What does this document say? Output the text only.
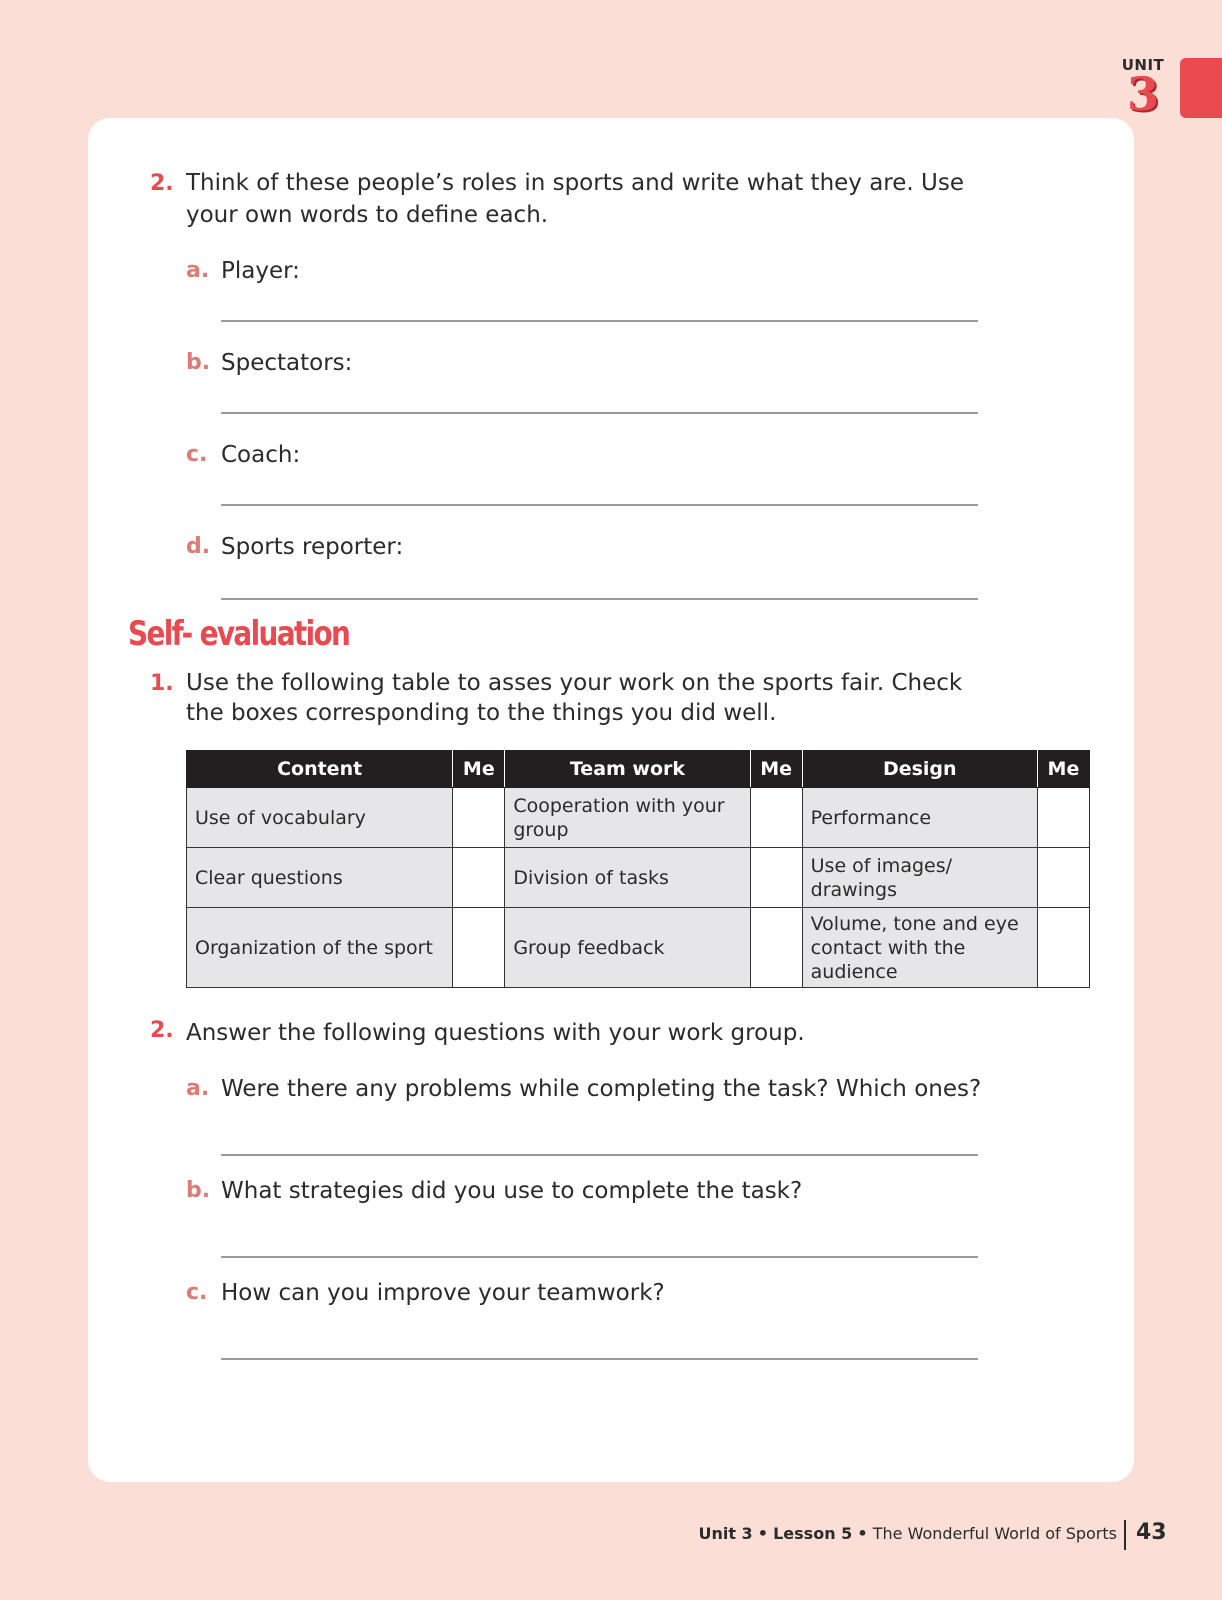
UNIT
3
2. Think of these people’s roles in sports and write what they are. Use
your own words to define each.
a. Player:
b. Spectators:
c. Coach:
d. Sports reporter:
Self- evaluation
1. Use the following table to asses your work on the sports fair. Check
the boxes corresponding to the things you did well.
Content	Me	Team work	Me	Design	Me
Use of vocabulary		Cooperation with your group		Performance	
Clear questions		Division of tasks		Use of images/ drawings	
Organization of the sport		Group feedback		Volume, tone and eye contact with the audience	
2. Answer the following questions with your work group.
a. Were there any problems while completing the task? Which ones?
b. What strategies did you use to complete the task?
c. How can you improve your teamwork?
Unit 3 • Lesson 5 • The Wonderful World of Sports 43
